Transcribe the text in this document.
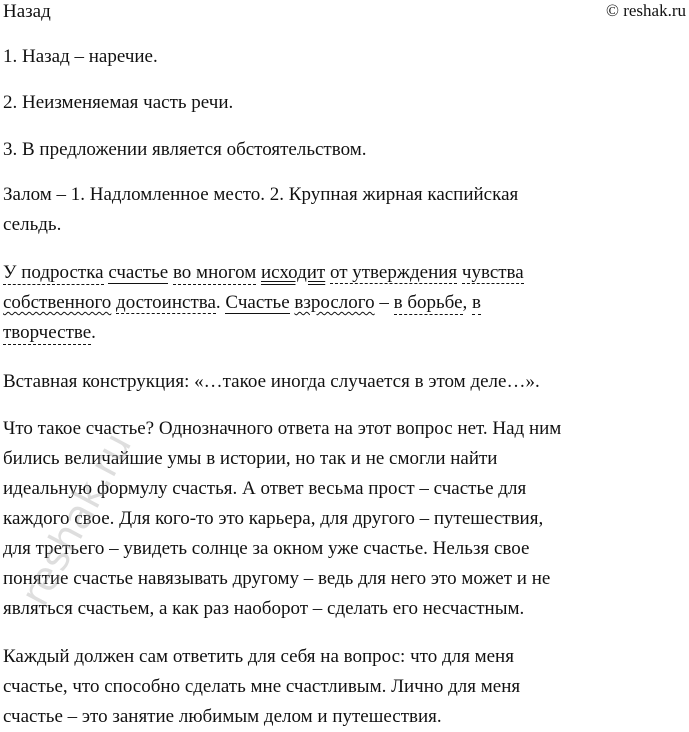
Назад	© reshak.ru

1. Назад – наречие.

2. Неизменяемая часть речи.

3. В предложении является обстоятельством.

Залом – 1. Надломленное место. 2. Крупная жирная каспийская
сельдь.
У подростка счастье во многом исходит от утверждения чувства
собственного достоинства. Счастье взрослого – в борьбе, в
творчестве.

Вставная конструкция: «…такое иногда случается в этом деле…».

Что такое счастье? Однозначного ответа на этот вопрос нет. Над ним
бились величайшие умы в истории, но так и не смогли найти
идеальную формулу счастья. А ответ весьма прост – счастье для
каждого свое. Для кого-то это карьера, для другого – путешествия,
для третьего – увидеть солнце за окном уже счастье. Нельзя свое
понятие счастье навязывать другому – ведь для него это может и не
являться счастьем, а как раз наоборот – сделать его несчастным.
Каждый должен сам ответить для себя на вопрос: что для меня
счастье, что способно сделать мне счастливым. Лично для меня
счастье – это занятие любимым делом и путешествия.
reshak.ru
